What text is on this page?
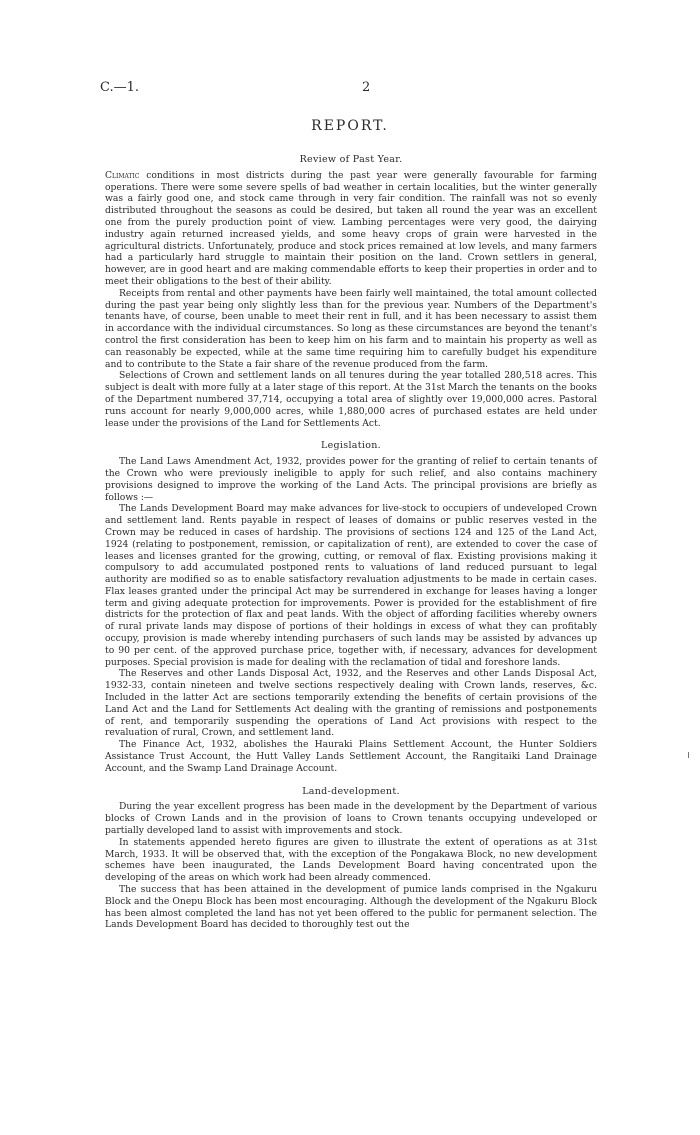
C.—1.	2
REPORT.
Review of Past Year.

Climatic conditions in most districts during the past year were generally favourable for farming operations. There were some severe spells of bad weather in certain localities, but the winter generally was a fairly good one, and stock came through in very fair condition. The rainfall was not so evenly distributed throughout the seasons as could be desired, but taken all round the year was an excellent one from the purely production point of view. Lambing percentages were very good, the dairying industry again returned increased yields, and some heavy crops of grain were harvested in the agricultural districts. Unfortunately, produce and stock prices remained at low levels, and many farmers had a particularly hard struggle to maintain their position on the land. Crown settlers in general, however, are in good heart and are making commendable efforts to keep their properties in order and to meet their obligations to the best of their ability.

Receipts from rental and other payments have been fairly well maintained, the total amount collected during the past year being only slightly less than for the previous year. Numbers of the Department's tenants have, of course, been unable to meet their rent in full, and it has been necessary to assist them in accordance with the individual circumstances. So long as these circumstances are beyond the tenant's control the first consideration has been to keep him on his farm and to maintain his property as well as can reasonably be expected, while at the same time requiring him to carefully budget his expenditure and to contribute to the State a fair share of the revenue produced from the farm.

Selections of Crown and settlement lands on all tenures during the year totalled 280,518 acres. This subject is dealt with more fully at a later stage of this report. At the 31st March the tenants on the books of the Department numbered 37,714, occupying a total area of slightly over 19,000,000 acres. Pastoral runs account for nearly 9,000,000 acres, while 1,880,000 acres of purchased estates are held under lease under the provisions of the Land for Settlements Act.

Legislation.

The Land Laws Amendment Act, 1932, provides power for the granting of relief to certain tenants of the Crown who were previously ineligible to apply for such relief, and also contains machinery provisions designed to improve the working of the Land Acts. The principal provisions are briefly as follows :—

The Lands Development Board may make advances for live-stock to occupiers of undeveloped Crown and settlement land. Rents payable in respect of leases of domains or public reserves vested in the Crown may be reduced in cases of hardship. The provisions of sections 124 and 125 of the Land Act, 1924 (relating to postponement, remission, or capitalization of rent), are extended to cover the case of leases and licenses granted for the growing, cutting, or removal of flax. Existing provisions making it compulsory to add accumulated postponed rents to valuations of land reduced pursuant to legal authority are modified so as to enable satisfactory revaluation adjustments to be made in certain cases. Flax leases granted under the principal Act may be surrendered in exchange for leases having a longer term and giving adequate protection for improvements. Power is provided for the establishment of fire districts for the protection of flax and peat lands. With the object of affording facilities whereby owners of rural private lands may dispose of portions of their holdings in excess of what they can profitably occupy, provision is made whereby intending purchasers of such lands may be assisted by advances up to 90 per cent. of the approved purchase price, together with, if necessary, advances for development purposes. Special provision is made for dealing with the reclamation of tidal and foreshore lands.

The Reserves and other Lands Disposal Act, 1932, and the Reserves and other Lands Disposal Act, 1932-33, contain nineteen and twelve sections respectively dealing with Crown lands, reserves, &c. Included in the latter Act are sections temporarily extending the benefits of certain provisions of the Land Act and the Land for Settlements Act dealing with the granting of remissions and postponements of rent, and temporarily suspending the operations of Land Act provisions with respect to the revaluation of rural, Crown, and settlement land.

The Finance Act, 1932, abolishes the Hauraki Plains Settlement Account, the Hunter Soldiers Assistance Trust Account, the Hutt Valley Lands Settlement Account, the Rangitaiki Land Drainage Account, and the Swamp Land Drainage Account.

Land-development.

During the year excellent progress has been made in the development by the Department of various blocks of Crown Lands and in the provision of loans to Crown tenants occupying undeveloped or partially developed land to assist with improvements and stock.

In statements appended hereto figures are given to illustrate the extent of operations as at 31st March, 1933. It will be observed that, with the exception of the Pongakawa Block, no new development schemes have been inaugurated, the Lands Development Board having concentrated upon the developing of the areas on which work had been already commenced.

The success that has been attained in the development of pumice lands comprised in the Ngakuru Block and the Onepu Block has been most encouraging. Although the development of the Ngakuru Block has been almost completed the land has not yet been offered to the public for permanent selection. The Lands Development Board has decided to thoroughly test out the
